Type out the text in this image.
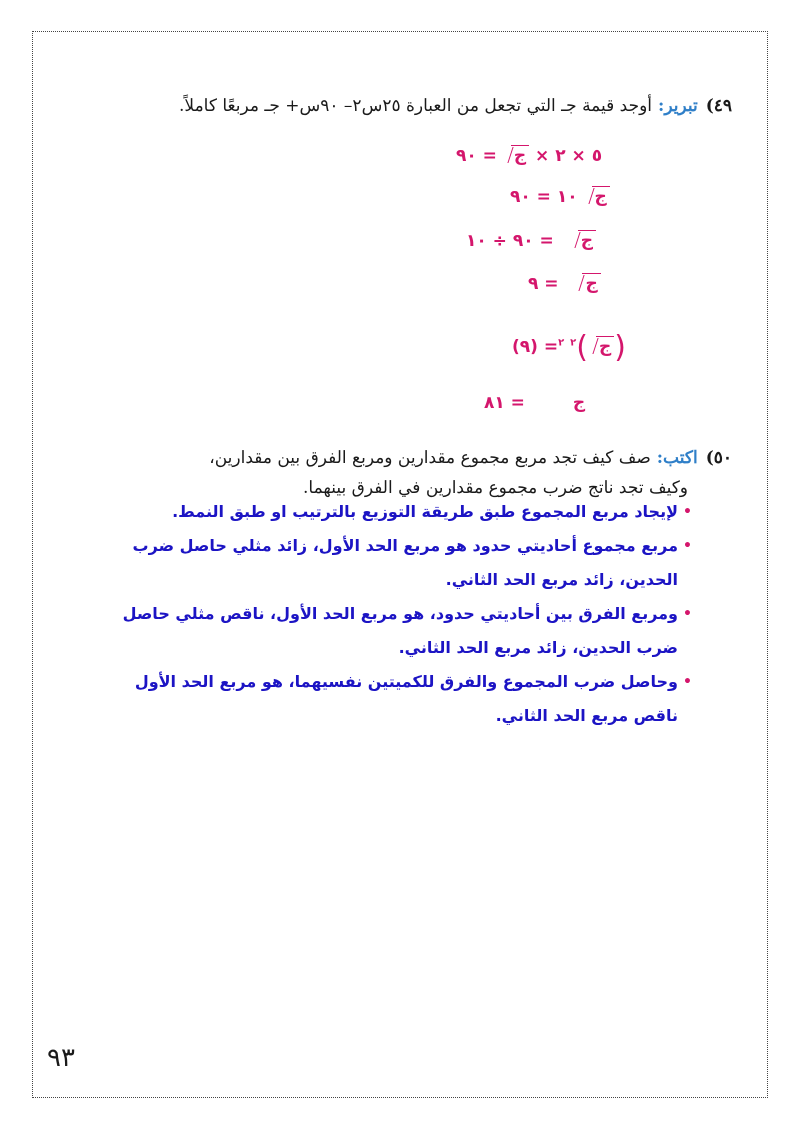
٤٩)تبرير:أوجد قيمة جـ التي تجعل من العبارة ٢٥س٢– ٩٠س+ جـ مربعًا كاملاً.
= ٩٠ ج ٥ × ٢ ×
١٠ = ٩٠ ج
= ٩٠ ÷ ١٠ ج
= ٩ ج
= (٩) $^٢$ $^٢$ ( ج )
= ٨١	ج
٥٠)اكتب:صف كيف تجد مربع مجموع مقدارين ومربع الفرق بين مقدارين،
وكيف تجد ناتج ضرب مجموع مقدارين في الفرق بينهما.
• لإيجاد مربع المجموع طبق طريقة التوزيع بالترتيب او طبق النمط.
• مربع مجموع أحاديتي حدود هو مربع الحد الأول، زائد مثلي حاصل ضرب الحدين، زائد مربع الحد الثاني.
• ومربع الفرق بين أحاديتي حدود، هو مربع الحد الأول، ناقص مثلي حاصل ضرب الحدين، زائد مربع الحد الثاني.
• وحاصل ضرب المجموع والفرق للكميتين نفسيهما، هو مربع الحد الأول ناقص مربع الحد الثاني.
٩٣
